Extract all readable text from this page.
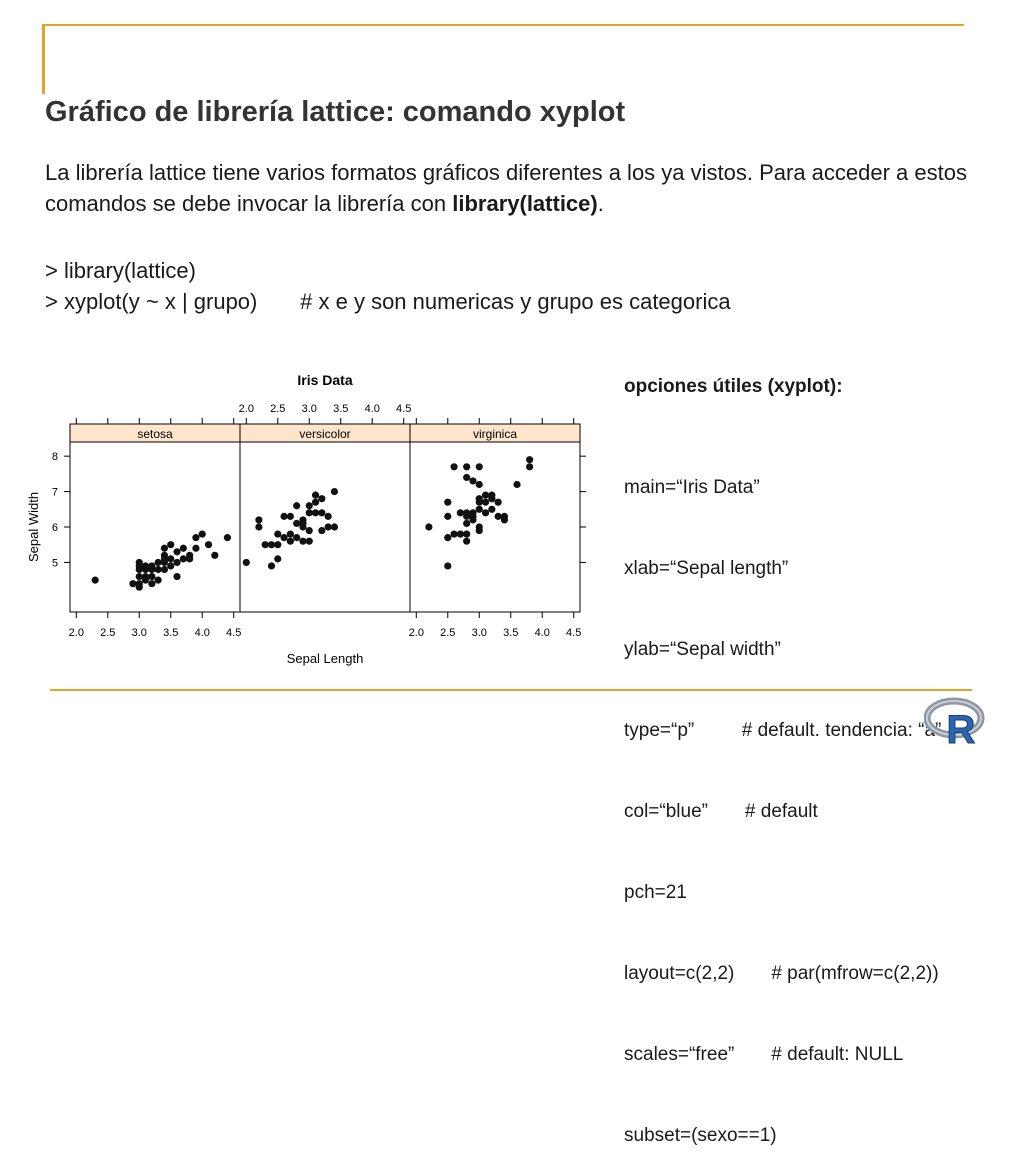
Gráfico de librería lattice: comando xyplot

La librería lattice tiene varios formatos gráficos diferentes a los ya vistos. Para acceder a estos comandos se debe invocar la librería con library(lattice).

> library(lattice)
> xyplot(y ~ x | grupo)       # x e y son numericas y grupo es categorica
opciones útiles (xyplot):

main=“Iris Data”

xlab=“Sepal length”

ylab=“Sepal width”

type=“p”         # default. tendencia: “a”

col=“blue”       # default

pch=21

layout=c(2,2)       # par(mfrow=c(2,2))

scales=“free”       # default: NULL

subset=(sexo==1)

Iris Data
setosa	versicolor	virginica
2.0 2.5 3.0 3.5 4.0 4.5
2.0 2.5 3.0 3.5 4.0 4.5
2.0 2.5 3.0 3.5 4.0 4.5
5
6
7
8
Sepal Length
Sepal Width
R
